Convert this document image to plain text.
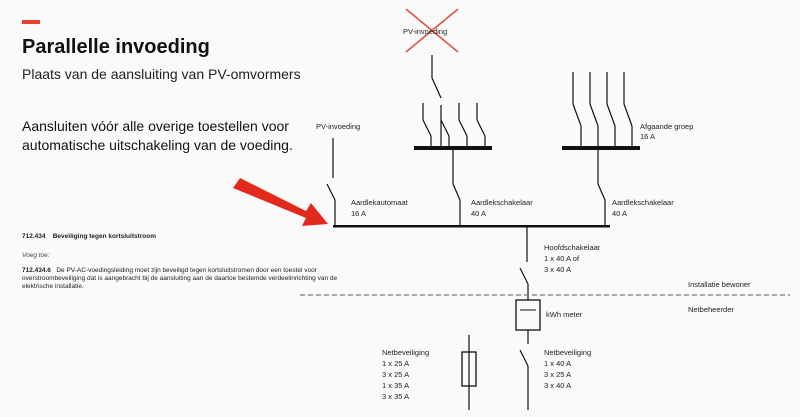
Parallelle invoeding
Plaats van de aansluiting van PV-omvormers
Aansluiten vóór alle overige toestellen voor automatische uitschakeling van de voeding.
712.434 Beveiliging tegen kortsluitstroom
Voeg toe:
712.434.6 De PV-AC-voedingsleiding moet zijn beveiligd tegen kortsluitstromen door een toestel voor overstroombeveiliging dat is aangebracht bij de aansluiting aan de daartoe bestemde verdeelinrichting van de elektrische installatie.
PV-invoeding
PV-invoeding	Afgaande groep
16 A
Aardlekautomaat
16 A
Aardlekschakelaar
40 A
Aardlekschakelaar
40 A
Hoofdschakelaar
1 x 40 A of
3 x 40 A
Installatie bewoner
Netbeheerder
kWh meter
Netbeveiliging
1 x 25 A
3 x 25 A
1 x 35 A
3 x 35 A
Netbeveiliging
1 x 40 A
3 x 25 A
3 x 40 A
